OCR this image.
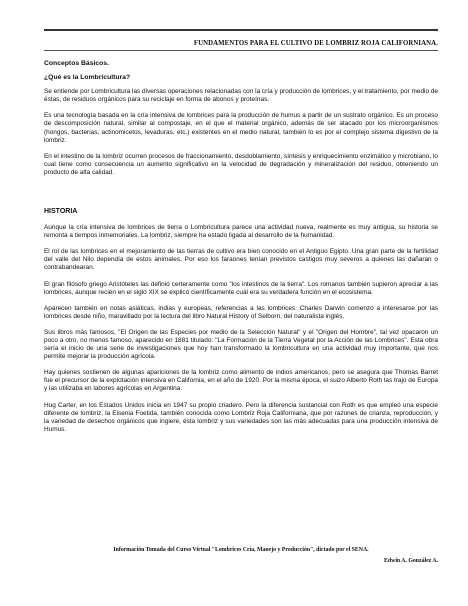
FUNDAMENTOS PARA EL CULTIVO DE LOMBRIZ ROJA CALIFORNIANA.

Conceptos Básicos.

¿Qué es la Lombricultura?

Se entiende por Lombricultura las diversas operaciones relacionadas con la cría y producción de lombrices, y el tratamiento, por medio de éstas, de residuos orgánicos para su reciclaje en forma de abonos y proteínas.

Es una tecnología basada en la cría intensiva de lombrices para la producción de humus a partir de un sustrato orgánico. Es un proceso de descomposición natural, similar al compostaje, en el que el material orgánico, además de ser atacado por los microorganismos (hongos, bacterias, actinomicetos, levaduras, etc.) existentes en el medio natural, también lo es por el complejo sistema digestivo de la lombriz.

En el intestino de la lombriz ocurren procesos de fraccionamiento, desdoblamiento, síntesis y enriquecimiento enzimático y microbiano, lo cual tiene como consecuencia un aumento significativo en la velocidad de degradación y mineralización del residuo, obteniendo un producto de alta calidad.

HISTORIA

Aunque la cría intensiva de lombrices de tierra o Lombricultura parece una actividad nueva, realmente es muy antigua, su historia se remonta a tiempos inmemoriales. La lombriz, siempre ha estado ligada al desarrollo de la humanidad.

El rol de las lombrices en el mejoramiento de las tierras de cultivo era bien conocido en el Antiguo Egipto. Una gran parte de la fertilidad del valle del Nilo dependía de estos animales. Por eso los faraones tenían previstos castigos muy severos a quienes las dañaran o contrabandearan.

El gran filósofo griego Aristóteles las definió certeramente como "los intestinos de la tierra". Los romanos también supieron apreciar a las lombrices, aunque recién en el siglo XIX se explicó científicamente cuál era su verdadera función en el ecosistema.

Aparecen también en notas asiáticas, indias y europeas, referencias a las lombrices. Charles Darwin comenzó a interesarse por las lombrices desde niño, maravillado por la lectura del libro Natural History of Selborn, del naturalista inglés.

Sus libros más famosos, "El Origen de las Especies por medio de la Selección Natural" y el "Origen del Hombre", tal vez opacaron un poco a otro, no menos famoso, aparecido en 1881 titulado: "La Formación de la Tierra Vegetal por la Acción de las Lombrices". Esta obra sería el inicio de una serie de investigaciones que hoy han transformado la lombricultura en una actividad muy importante, que nos permite mejorar la producción agrícola.

Hay quienes sostienen de algunas apariciones de la lombriz como alimento de indios americanos, pero se asegura que Thomas Barret fue el precursor de la explotación intensiva en California, en el año de 1920. Por la misma época, el suizo Alberto Roth las trajo de Europa y las utilizaba en labores agrícolas en Argentina.

Hug Carter, en los Estados Unidos inicia en 1947 su propio criadero. Pero la diferencia sustancial con Roth es que empleó una especie diferente de lombriz, la Eisenia Foetida, también conocida como Lombriz Roja Californiana, que por razones de crianza, reproducción, y la variedad de desechos orgánicos que ingiere, ésta lombriz y sus variedades son las más adecuadas para una producción intensiva de Humus.

Información Tomada del Curso Virtual "Lombrices Cría, Manejo y Producción", dictado por el SENA.
Edwin A. González A.
